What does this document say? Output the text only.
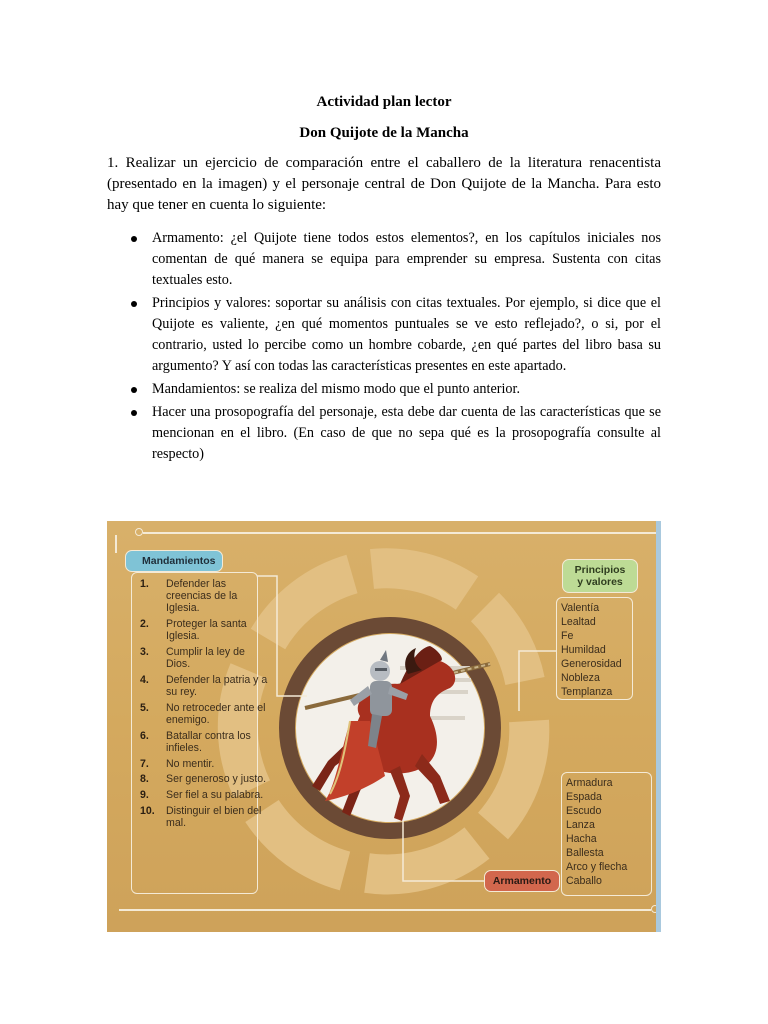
Actividad plan lector
Don Quijote de la Mancha

1. Realizar un ejercicio de comparación entre el caballero de la literatura renacentista (presentado en la imagen) y el personaje central de Don Quijote de la Mancha. Para esto hay que tener en cuenta lo siguiente:

Armamento: ¿el Quijote tiene todos estos elementos?, en los capítulos iniciales nos comentan de qué manera se equipa para emprender su empresa. Sustenta con citas textuales esto.
Principios y valores: soportar su análisis con citas textuales. Por ejemplo, si dice que el Quijote es valiente, ¿en qué momentos puntuales se ve esto reflejado?, o si, por el contrario, usted lo percibe como un hombre cobarde, ¿en qué partes del libro basa su argumento? Y así con todas las características presentes en este apartado.
Mandamientos: se realiza del mismo modo que el punto anterior.
Hacer una prosopografía del personaje, esta debe dar cuenta de las características que se mencionan en el libro. (En caso de que no sepa qué es la prosopografía consulte al respecto)
Mandamientos
1. Defender las creencias de la Iglesia.
2. Proteger la santa Iglesia.
3. Cumplir la ley de Dios.
4. Defender la patria y a su rey.
5. No retroceder ante el enemigo.
6. Batallar contra los infieles.
7. No mentir.
8. Ser generoso y justo.
9. Ser fiel a su palabra.
10. Distinguir el bien del mal.
Principios
y valores
Valentía
Lealtad
Fe
Humildad
Generosidad
Nobleza
Templanza
Armadura
Espada
Escudo
Lanza
Hacha
Ballesta
Arco y flecha
Caballo
Armamento
